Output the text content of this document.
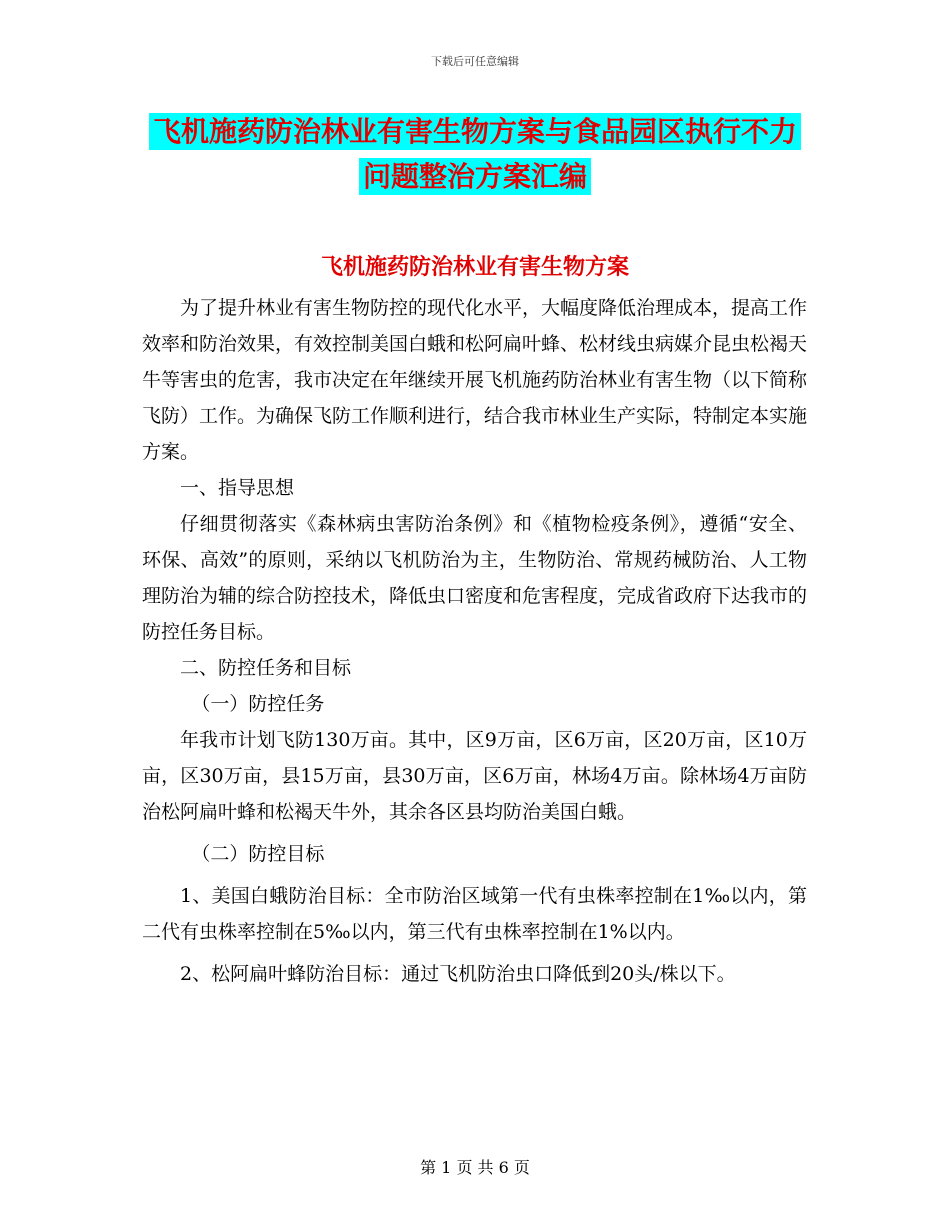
下载后可任意编辑
飞机施药防治林业有害生物方案与食品园区执行不力
问题整治方案汇编
飞机施药防治林业有害生物方案

为了提升林业有害生物防控的现代化水平，大幅度降低治理成本，提高工作效率和防治效果，有效控制美国白蛾和松阿扁叶蜂、松材线虫病媒介昆虫松褐天牛等害虫的危害，我市决定在年继续开展飞机施药防治林业有害生物（以下简称飞防）工作。为确保飞防工作顺利进行，结合我市林业生产实际，特制定本实施方案。

一、指导思想

仔细贯彻落实《森林病虫害防治条例》和《植物检疫条例》，遵循“安全、环保、高效”的原则，采纳以飞机防治为主，生物防治、常规药械防治、人工物理防治为辅的综合防控技术，降低虫口密度和危害程度，完成省政府下达我市的防控任务目标。

二、防控任务和目标

（一）防控任务

年我市计划飞防130万亩。其中，区9万亩，区6万亩，区20万亩，区10万亩，区30万亩，县15万亩，县30万亩，区6万亩，林场4万亩。除林场4万亩防治松阿扁叶蜂和松褐天牛外，其余各区县均防治美国白蛾。

（二）防控目标

1、美国白蛾防治目标：全市防治区域第一代有虫株率控制在1‰以内，第二代有虫株率控制在5‰以内，第三代有虫株率控制在1%以内。

2、松阿扁叶蜂防治目标：通过飞机防治虫口降低到20头/株以下。

第 1 页 共 6 页
